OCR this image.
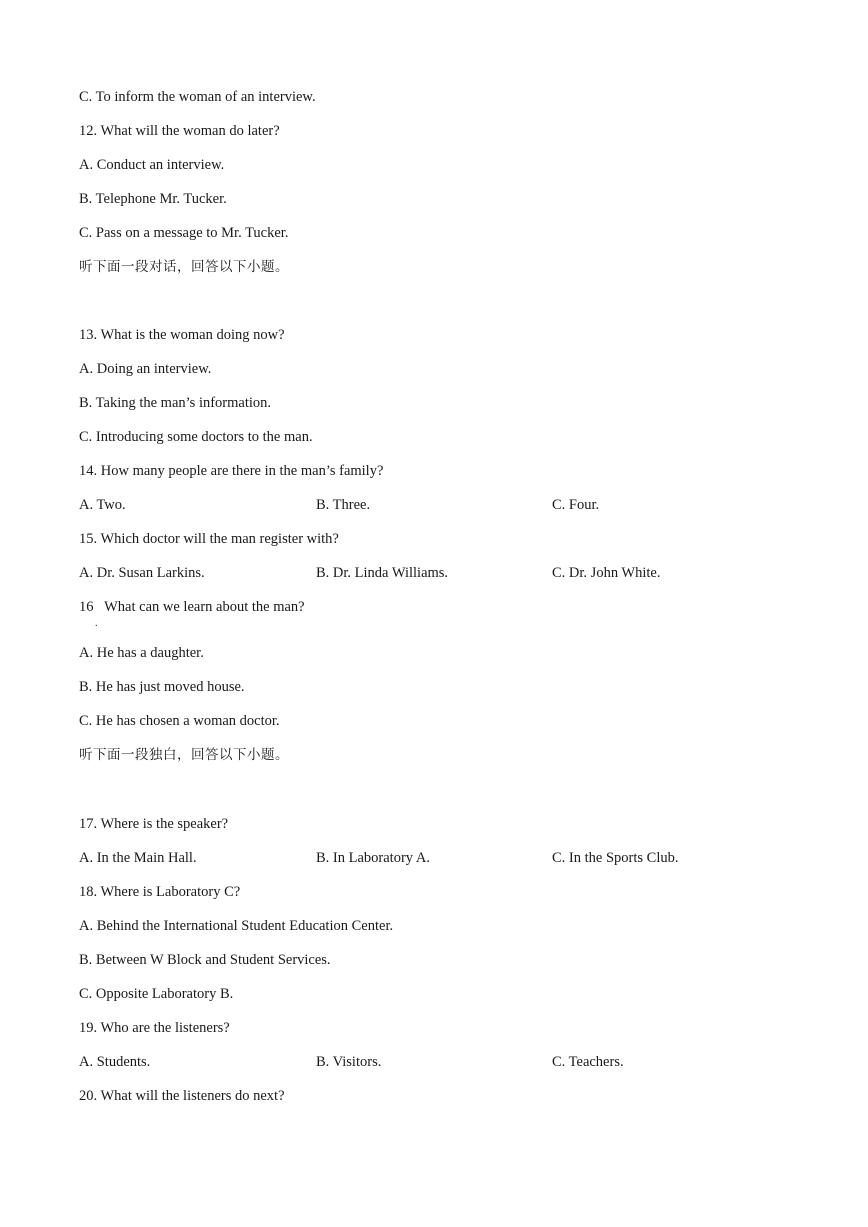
C. To inform the woman of an interview.
12. What will the woman do later?
A. Conduct an interview.
B. Telephone Mr. Tucker.
C. Pass on a message to Mr. Tucker.
听下面一段对话，回答以下小题。
13. What is the woman doing now?
A. Doing an interview.
B. Taking the man’s information.
C. Introducing some doctors to the man.
14. How many people are there in the man’s family?
A. Two.	B. Three.	C. Four.
15. Which doctor will the man register with?
A. Dr. Susan Larkins.	B. Dr. Linda Williams.	C. Dr. John White.
16   What can we learn about the man?
.
A. He has a daughter.
B. He has just moved house.
C. He has chosen a woman doctor.
听下面一段独白，回答以下小题。
17. Where is the speaker?
A. In the Main Hall.	B. In Laboratory A.	C. In the Sports Club.
18. Where is Laboratory C?
A. Behind the International Student Education Center.
B. Between W Block and Student Services.
C. Opposite Laboratory B.
19. Who are the listeners?
A. Students.	B. Visitors.	C. Teachers.
20. What will the listeners do next?
